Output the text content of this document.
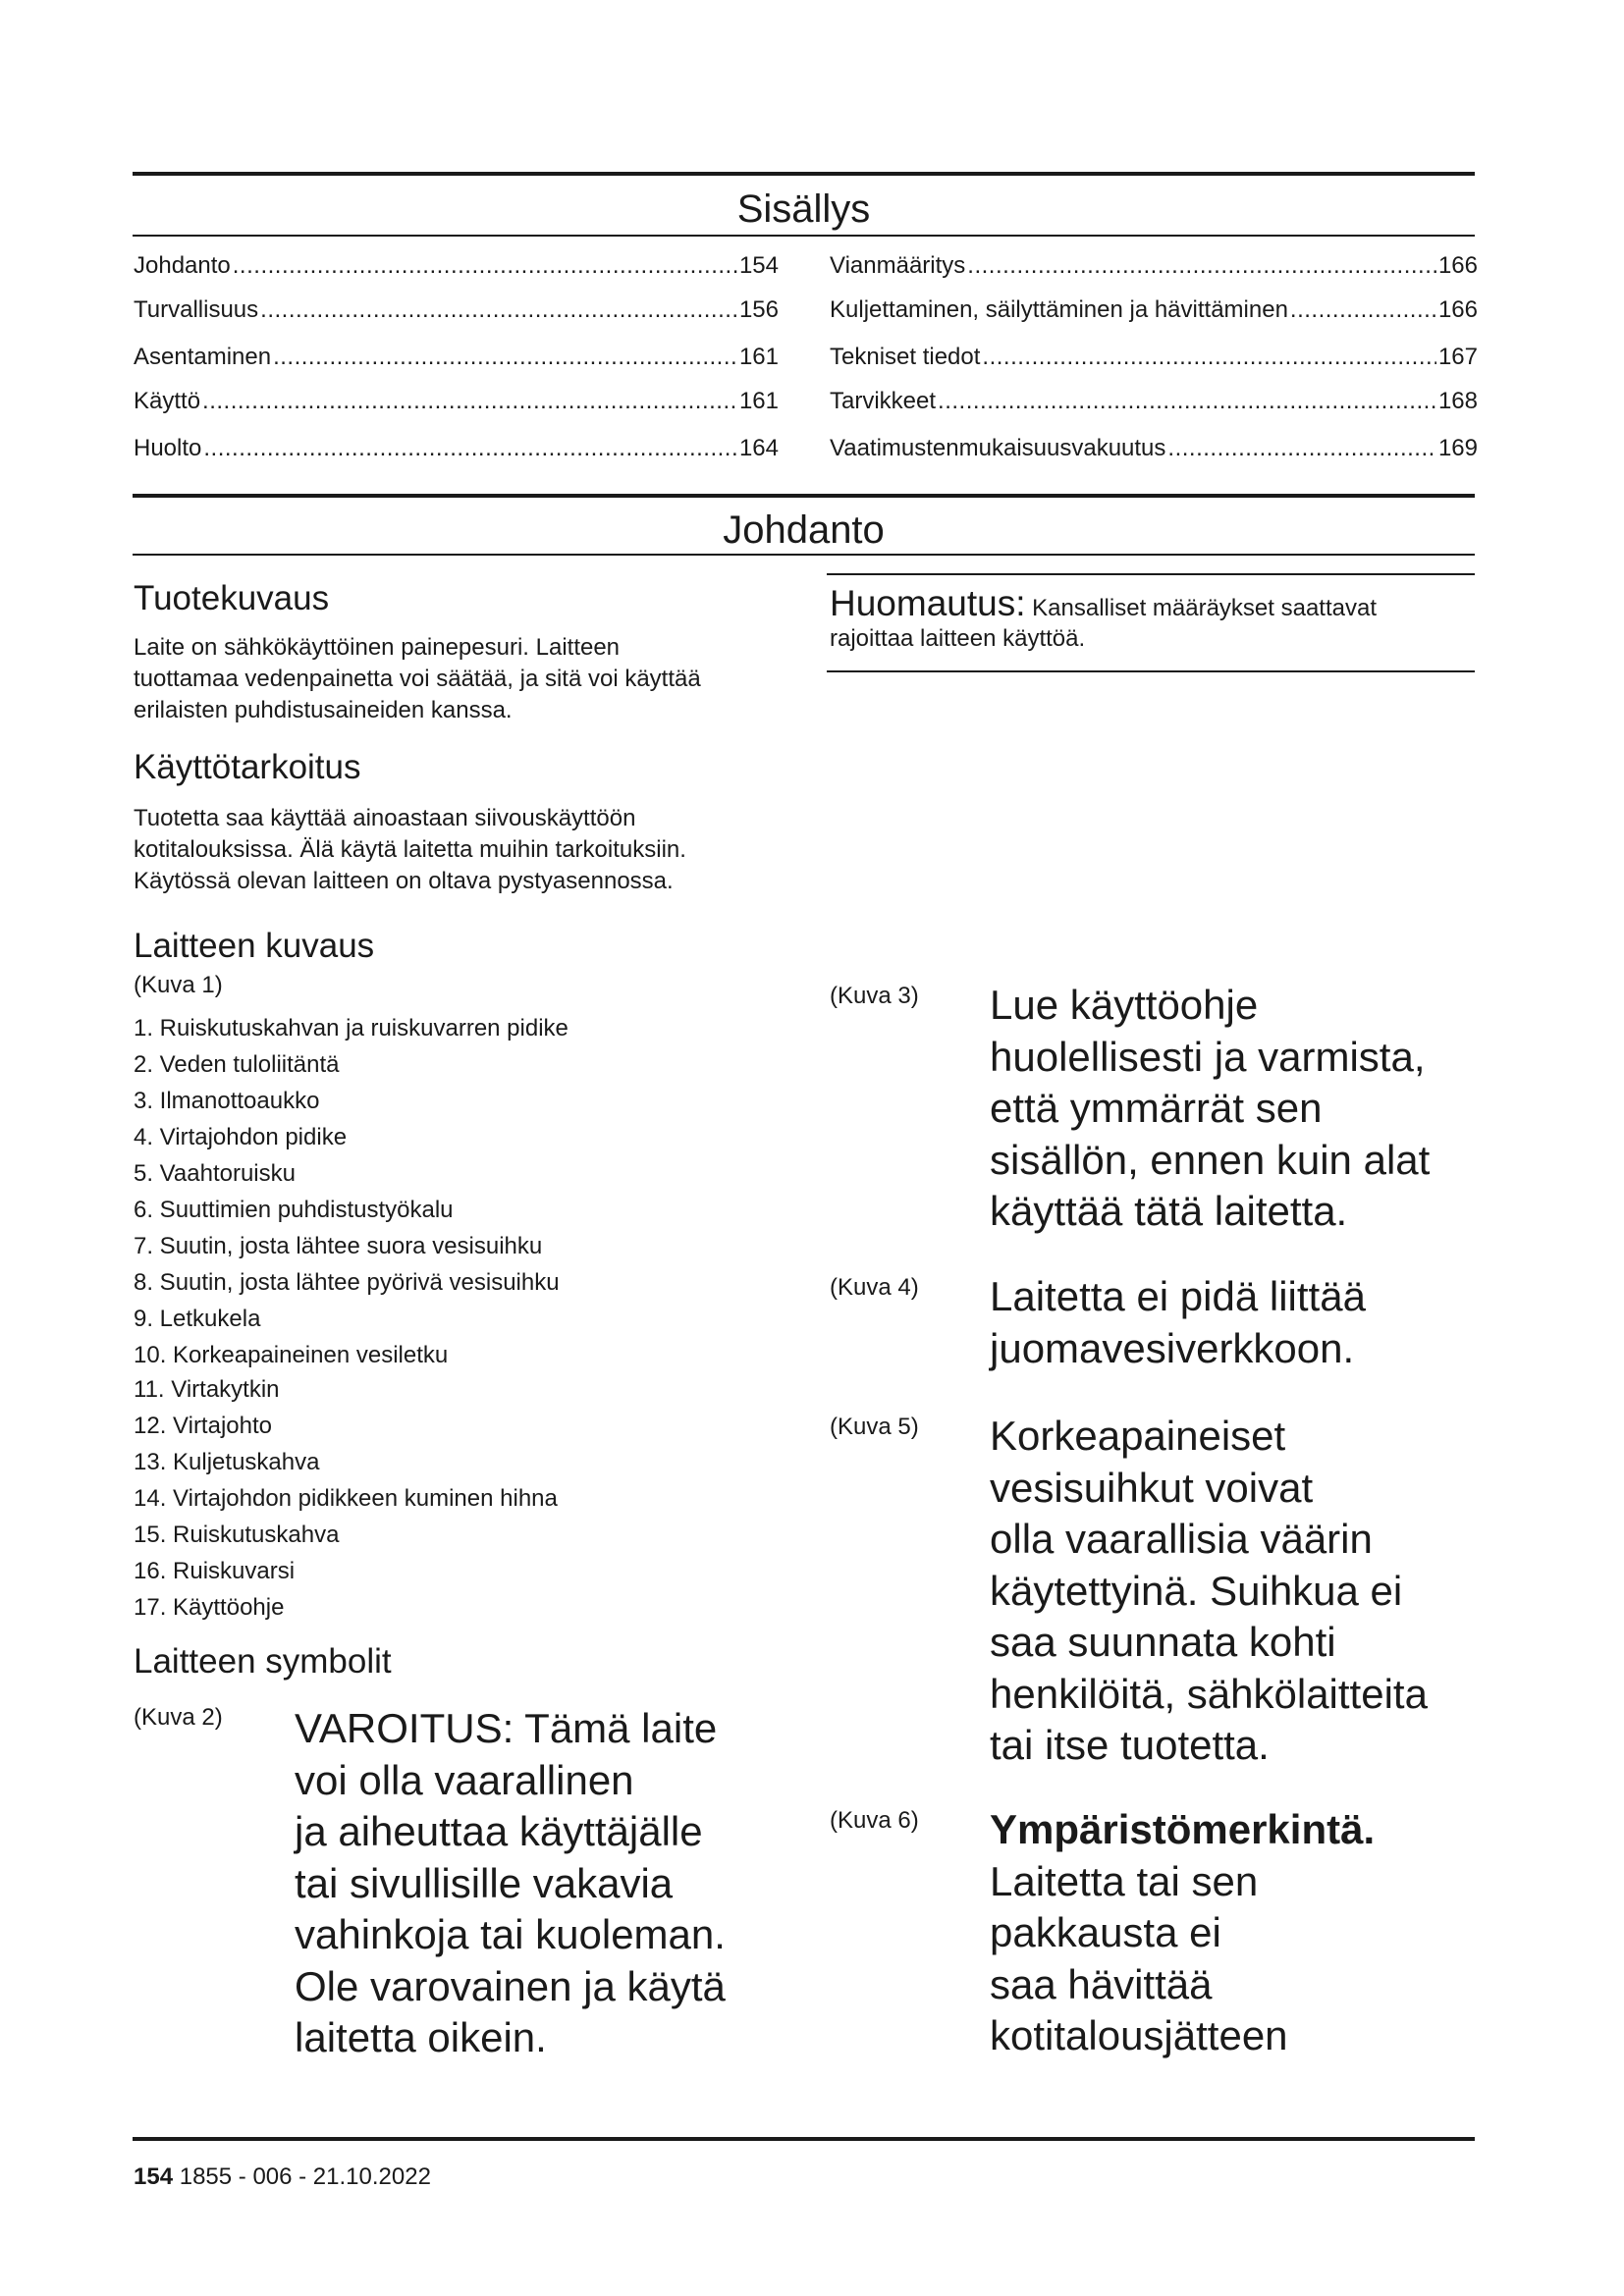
Sisällys
Johdanto .....	154
Turvallisuus .....	156
Asentaminen .....	161
Käyttö .....	161
Huolto .....	164
Vianmääritys .....	166
Kuljettaminen, säilyttäminen ja hävittäminen .....	166
Tekniset tiedot .....	167
Tarvikkeet .....	168
Vaatimustenmukaisuusvakuutus .....	169
Johdanto
Tuotekuvaus
Laite on sähkökäyttöinen painepesuri. Laitteen
tuottamaa vedenpainetta voi säätää, ja sitä voi käyttää
erilaisten puhdistusaineiden kanssa.
Käyttötarkoitus
Tuotetta saa käyttää ainoastaan siivouskäyttöön
kotitalouksissa. Älä käytä laitetta muihin tarkoituksiin.
Käytössä olevan laitteen on oltava pystyasennossa.
Laitteen kuvaus
(Kuva 1)
1. Ruiskutuskahvan ja ruiskuvarren pidike
2. Veden tuloliitäntä
3. Ilmanottoaukko
4. Virtajohdon pidike
5. Vaahtoruisku
6. Suuttimien puhdistustyökalu
7. Suutin, josta lähtee suora vesisuihku
8. Suutin, josta lähtee pyörivä vesisuihku
9. Letkukela
10. Korkeapaineinen vesiletku
11. Virtakytkin
12. Virtajohto
13. Kuljetuskahva
14. Virtajohdon pidikkeen kuminen hihna
15. Ruiskutuskahva
16. Ruiskuvarsi
17. Käyttöohje
Laitteen symbolit
(Kuva 2) VAROITUS: Tämä laite
voi olla vaarallinen
ja aiheuttaa käyttäjälle
tai sivullisille vakavia
vahinkoja tai kuoleman.
Ole varovainen ja käytä
laitetta oikein.
Huomautus: Kansalliset määräykset saattavat
rajoittaa laitteen käyttöä.
(Kuva 3) Lue käyttöohje
huolellisesti ja varmista,
että ymmärrät sen
sisällön, ennen kuin alat
käyttää tätä laitetta.
(Kuva 4) Laitetta ei pidä liittää
juomavesiverkkoon.
(Kuva 5) Korkeapaineiset
vesisuihkut voivat
olla vaarallisia väärin
käytettyinä. Suihkua ei
saa suunnata kohti
henkilöitä, sähkölaitteita
tai itse tuotetta.
(Kuva 6) Ympäristömerkintä.
Laitetta tai sen
pakkausta ei
saa hävittää
kotitalousjätteen
154 1855 - 006 - 21.10.2022
